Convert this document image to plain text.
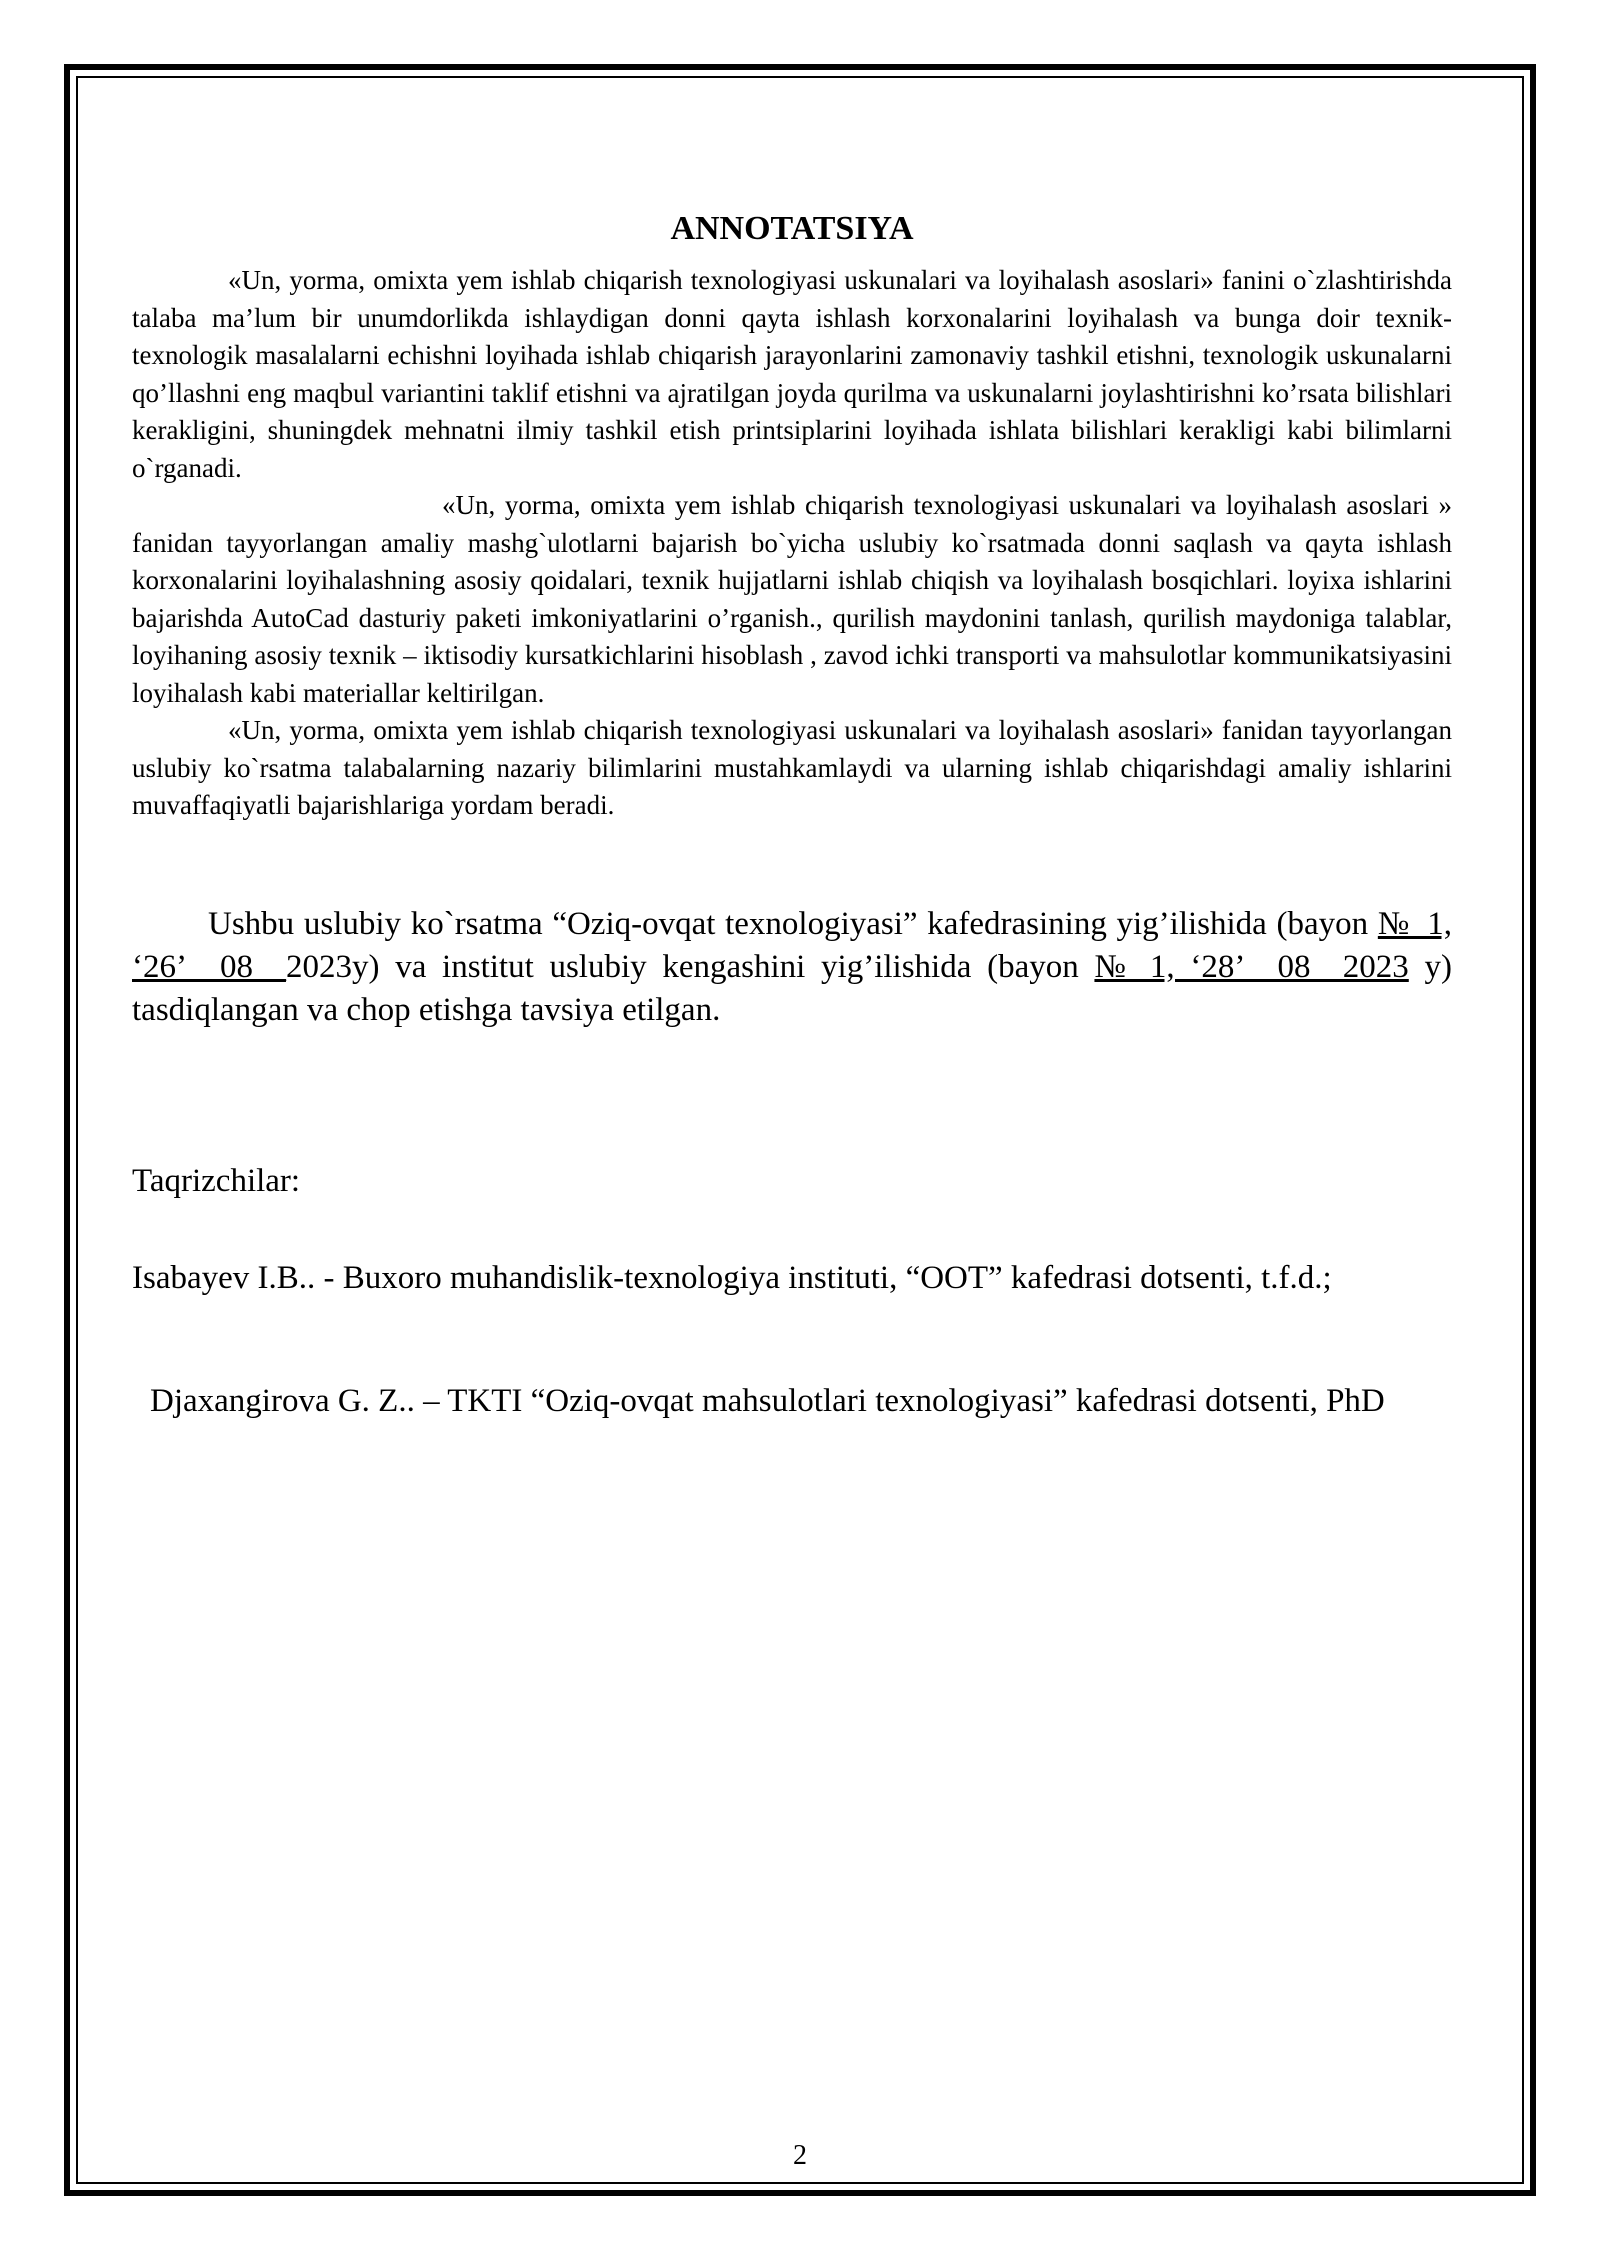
ANNOTATSIYA

«Un, yorma, omixta yem ishlab chiqarish texnologiyasi uskunalari va loyihalash asoslari» fanini o`zlashtirishda talaba ma’lum bir unumdorlikda ishlaydigan donni qayta ishlash korxonalarini loyihalash va bunga doir texnik-texnologik masalalarni echishni loyihada ishlab chiqarish jarayonlarini zamonaviy tashkil etishni, texnologik uskunalarni qo’llashni eng maqbul variantini taklif etishni va ajratilgan joyda qurilma va uskunalarni joylashtirishni ko’rsata bilishlari kerakligini, shuningdek mehnatni ilmiy tashkil etish printsiplarini loyihada ishlata bilishlari kerakligi kabi bilimlarni o`rganadi.

«Un, yorma, omixta yem ishlab chiqarish texnologiyasi uskunalari va loyihalash asoslari » fanidan tayyorlangan amaliy mashg`ulotlarni bajarish bo`yicha uslubiy ko`rsatmada donni saqlash va qayta ishlash korxonalarini loyihalashning asosiy qoidalari, texnik hujjatlarni ishlab chiqish va loyihalash bosqichlari. loyixa ishlarini bajarishda AutoCad dasturiy paketi imkoniyatlarini o’rganish., qurilish maydonini tanlash, qurilish maydoniga talablar, loyihaning asosiy texnik – iktisodiy kursatkichlarini hisoblash , zavod ichki transporti va mahsulotlar kommunikatsiyasini loyihalash kabi materiallar keltirilgan.

«Un, yorma, omixta yem ishlab chiqarish texnologiyasi uskunalari va loyihalash asoslari» fanidan tayyorlangan uslubiy ko`rsatma talabalarning nazariy bilimlarini mustahkamlaydi va ularning ishlab chiqarishdagi amaliy ishlarini muvaffaqiyatli bajarishlariga yordam beradi.

Ushbu uslubiy ko`rsatma “Oziq-ovqat texnologiyasi” kafedrasining yig’ilishida (bayon №_1, ‘26’__08__2023y) va institut uslubiy kengashini yig’ilishida (bayon №_1, ‘28’_ 08 _2023 y) tasdiqlangan va chop etishga tavsiya etilgan.

Taqrizchilar:

Isabayev I.B.. - Buxoro muhandislik-texnologiya instituti, “OOT” kafedrasi dotsenti, t.f.d.;

Djaxangirova G. Z.. – TKTI “Oziq-ovqat mahsulotlari texnologiyasi” kafedrasi dotsenti, PhD

2
